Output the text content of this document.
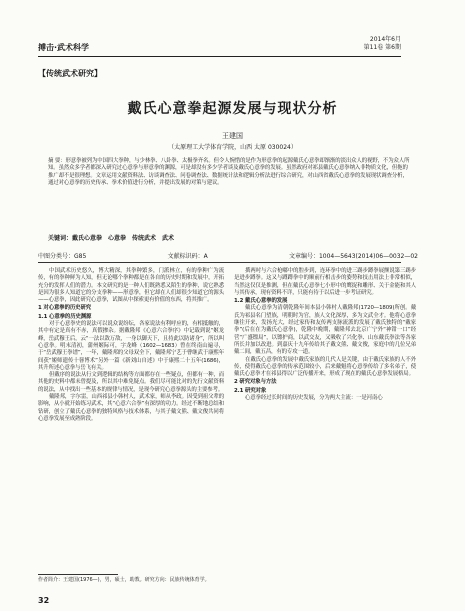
搏击·武术科学
2014年6月
第11卷 第6期
【传统武术研究】
戴氏心意拳起源发展与现状分析
王建国
（太原理工大学体育学院，山西 太原 030024）
摘 要：形意拳被列为中国四大拳种，与少林拳、八卦拳、太极拳齐名。但令人惋惜的是作为形意拳的起源戴氏心意拳却渐渐的淡出众人的视野，不为众人所知。虽然众多学者都深入研究过心意拳与形意拳的渊源，可是却没有多少学者谈及戴氏心意拳的发展。虽然政府对祁县戴氏心意拳纳入非物质文化，但拖的推广却不是很理想。文章运用文献资料法、访谈调查法、问卷调查法、数据统计法和逻辑分析法进行综合研究，对山西省戴氏心意拳的发展现状调查分析，通过对心意拳的历史传承、拳术价值进行分析，并提出发展的对策与建议。
关键词：戴氏心意拳　心意拳　传统武术　武术
中图分类号：G85	文献标识码：A	文章编号：1004—5643(2014)06—0032—02

中国武术历史悠久，博大精深，其拳种繁多，门派林立，有的拳种广为流传，有的拳种鲜为人知，但无论哪个拳种都是在各自的历史时期和发展中，开拓充分的发挥人们的潜力。本文研究的是一种人们既熟悉又陌生的拳种，说它熟悉是因为很多人知道它的分支拳种——形意拳，但它却在人们却很少知道它的源头——心意拳，因此研究心意拳，试图从中探索更有价值的东西，将其推广。

1 对心意拳的历史研究

1.1 心意拳的历史渊源

对于心意拳史的说法可以说众说纷纭，各家说法有利呼应的，有相抵触的，其中有定是真有不赤，真假掺杂。据戴隆邦《心意六合拳序》中记载到说“姬龙峰，岳武穆王后，云“一法以敌万敌，一身以御天下，且持此以防诸身”，所以叫心意拳。明末清初，蒲州姬际可，字龙峰（1602—1683）曾在终南山遍寻，于“岳武穆王拳谱”，一年，戴隆邦的父母双全下，戴隆邦宁艺于曹继武于康熙年间获“姬师遗传十晷博术”另外一篇《新刘山自述》中于康熙二十五年(1686)，其升所述心意拳与岳飞有关。

但戴序的说法从行文到逻辑的结构等方面都存在一些疑点，但都有一种，而其他的史料中都未曾提及，所以其中难免疑点。我们尽可能比对的先行文献资料的说法，从中找出一些基本的规律与情况，是现今研究心意拳源头的主要参考。

戴隆邦，字尔雷，山西祁县小韩村人，武术家，师从李政。因受到祖父辈的影响，从小就开始练习武术，其“心意六合拳”有深厚的功力。经过不断地总结和钻研，创立了戴氏心意拳的独特风格与技术体系，与其子戴文熊、戴文俊共同将心意拳发展至成熟阶段。

撰两吋与六合枪嘟中的腔步到，连环拳中的进三踢步蹲拳展颤说第三踢步是进步蹲拳。这又与蹲蹲拳中的顺前行相击步的姿势和技击用法上非常相似，当然这仅仅是推测，但在戴氏心意拳七小形中的鹰捉和雕形、关于金能和其人与其传承，现有资料不详，只能有待于以后进一步考证研究。

1.2 戴氏心意拳的发展

戴氏心意拳为清朝乾隆年间本县小韩村人戴隆邦(1720—1809)所创。戴氏为祁县名门望族，明朝时为官，族人文化深厚，多为文武全才。他将心意拳继往开来，发扬光大，经过家传和友传两支脉流派的发展了戴氏独特的“戴家拳”(后在在为戴氏心意拳)，乾隆中晚期，戴隆邦去北京广宁外“神钳一口”经营“广盛镖局”，以镖护商，以武交友，又吸收了兴化拳、山东戴氏拳法等各家所长并加以改进。到嘉庆十九年传给其子戴文熊、戴文俊，家庭中的几位兄弟戴二闾，戴五昌，有的专攻一道。

在戴氏心意拳的发展中戴氏家族的几代人是关键，由于戴氏家族的人不外传，使得戴氏心意拳的传承范围较小，后来戴魁将心意拳传给了多名弟子，使戴氏心意拳才在祁县得以广泛传播开来，形成了现在的戴氏心意拳发展格局。

2 研究对象与方法

2.1 研究对象

心意拳经过长时间的历史发展，分为两大主流：一是河南心

作者简介：王建国(1976—)，男，硕士，助教。研究方向：民族传统体育学。
32
